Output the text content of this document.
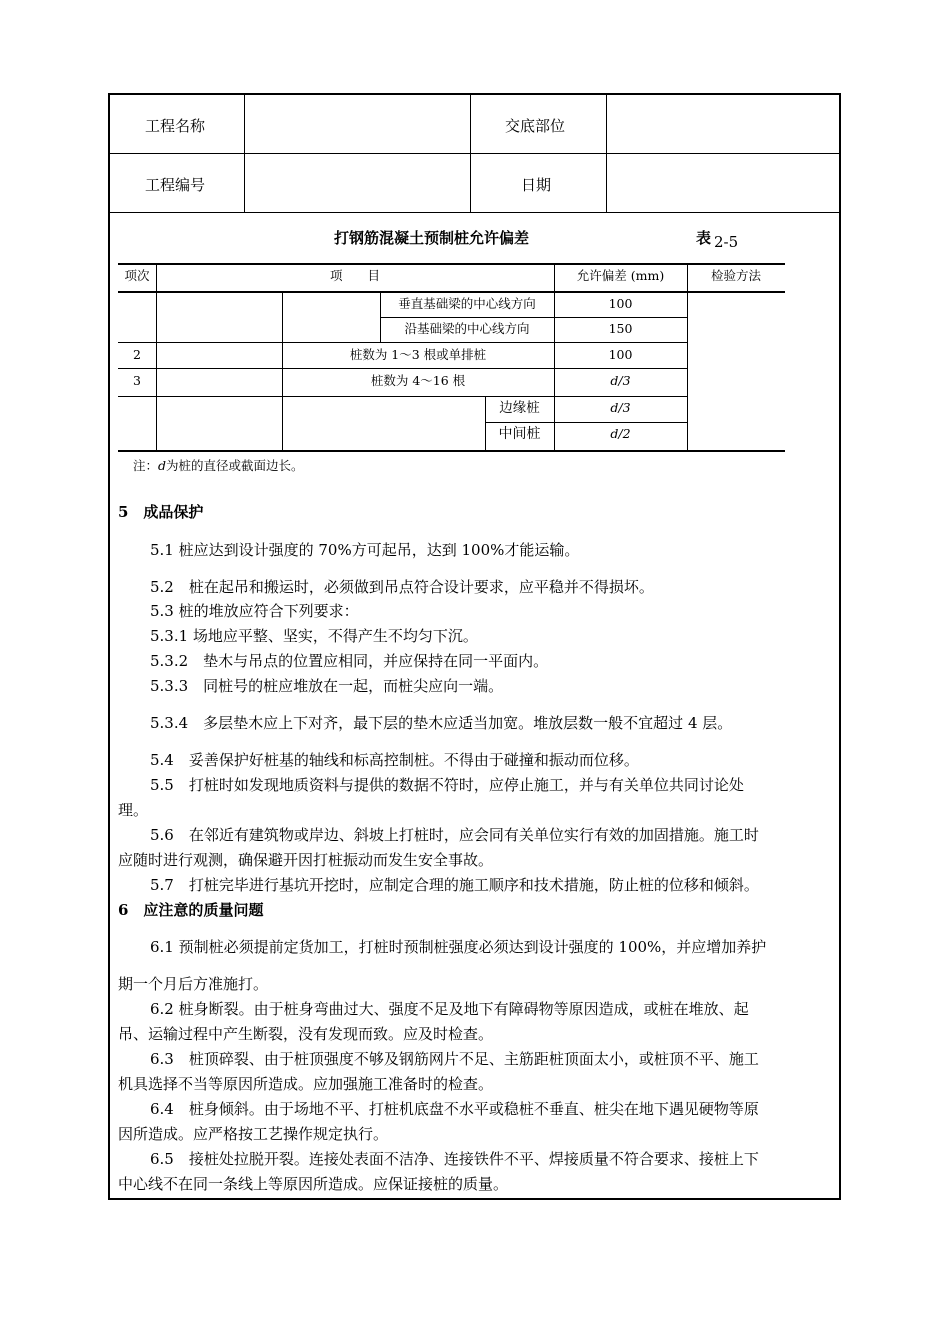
工程名称	交底部位
工程编号	日期
打钢筋混凝土预制桩允许偏差	表 2-5
项次	项　　目	允许偏差 (mm)	检验方法
垂直基础梁的中心线方向	100
沿基础梁的中心线方向	150
2	桩数为 1～3 根或单排桩	100
3	桩数为 4～16 根	d/3
边缘桩	d/3
中间桩	d/2
注：d为桩的直径或截面边长。
5　成品保护
5.1 桩应达到设计强度的 70%方可起吊，达到 100%才能运输。
5.2　桩在起吊和搬运时，必须做到吊点符合设计要求，应平稳并不得损坏。
5.3 桩的堆放应符合下列要求：
5.3.1 场地应平整、坚实，不得产生不均匀下沉。
5.3.2　垫木与吊点的位置应相同，并应保持在同一平面内。
5.3.3　同桩号的桩应堆放在一起，而桩尖应向一端。
5.3.4　多层垫木应上下对齐，最下层的垫木应适当加宽。堆放层数一般不宜超过 4 层。
5.4　妥善保护好桩基的轴线和标高控制桩。不得由于碰撞和振动而位移。
5.5　打桩时如发现地质资料与提供的数据不符时，应停止施工，并与有关单位共同讨论处
理。
5.6　在邻近有建筑物或岸边、斜坡上打桩时，应会同有关单位实行有效的加固措施。施工时
应随时进行观测，确保避开因打桩振动而发生安全事故。
5.7　打桩完毕进行基坑开挖时，应制定合理的施工顺序和技术措施，防止桩的位移和倾斜。
6　应注意的质量问题
6.1 预制桩必须提前定货加工，打桩时预制桩强度必须达到设计强度的 100%，并应增加养护
期一个月后方准施打。
6.2 桩身断裂。由于桩身弯曲过大、强度不足及地下有障碍物等原因造成，或桩在堆放、起
吊、运输过程中产生断裂，没有发现而致。应及时检查。
6.3　桩顶碎裂、由于桩顶强度不够及钢筋网片不足、主筋距桩顶面太小，或桩顶不平、施工
机具选择不当等原因所造成。应加强施工准备时的检查。
6.4　桩身倾斜。由于场地不平、打桩机底盘不水平或稳桩不垂直、桩尖在地下遇见硬物等原
因所造成。应严格按工艺操作规定执行。
6.5　接桩处拉脱开裂。连接处表面不洁净、连接铁件不平、焊接质量不符合要求、接桩上下
中心线不在同一条线上等原因所造成。应保证接桩的质量。
